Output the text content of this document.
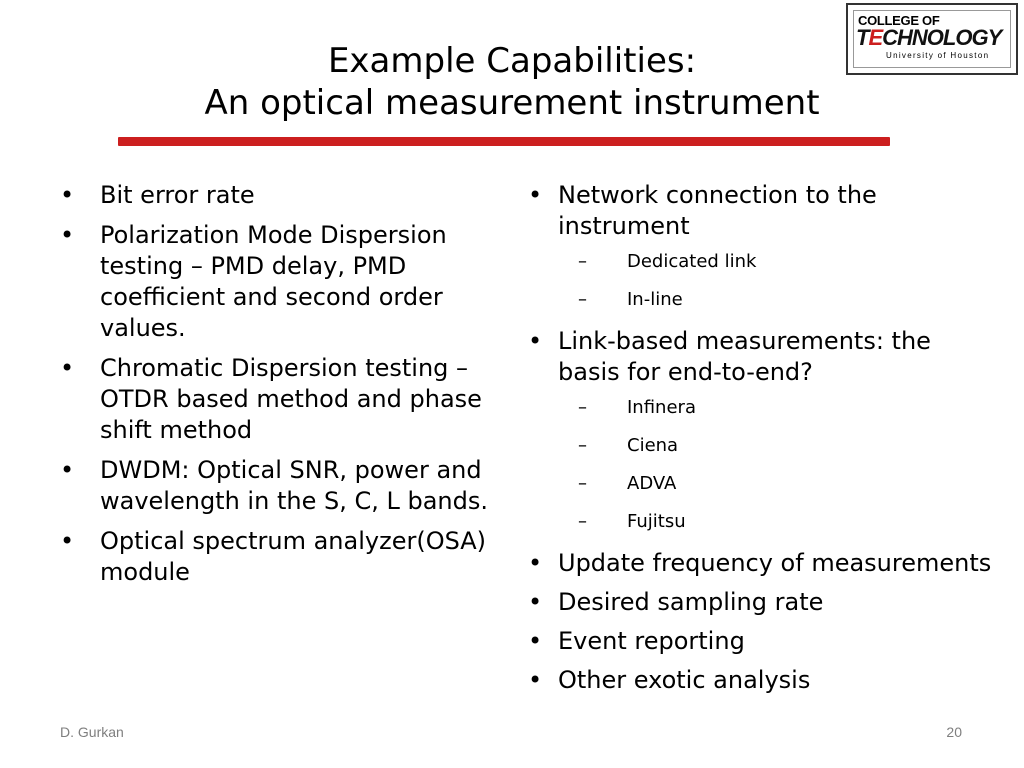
Example Capabilities:
An optical measurement instrument
COLLEGE OF
TECHNOLOGY
University of Houston
• Bit error rate
• Polarization Mode Dispersion testing – PMD delay, PMD coefficient and second order values.
• Chromatic Dispersion testing – OTDR based method and phase shift method
• DWDM: Optical SNR, power and wavelength in the S, C, L bands.
• Optical spectrum analyzer(OSA) module
• Network connection to the instrument
– Dedicated link
– In-line
• Link-based measurements: the basis for end-to-end?
– Infinera
– Ciena
– ADVA
– Fujitsu
• Update frequency of measurements
• Desired sampling rate
• Event reporting
• Other exotic analysis
D. Gurkan	20
